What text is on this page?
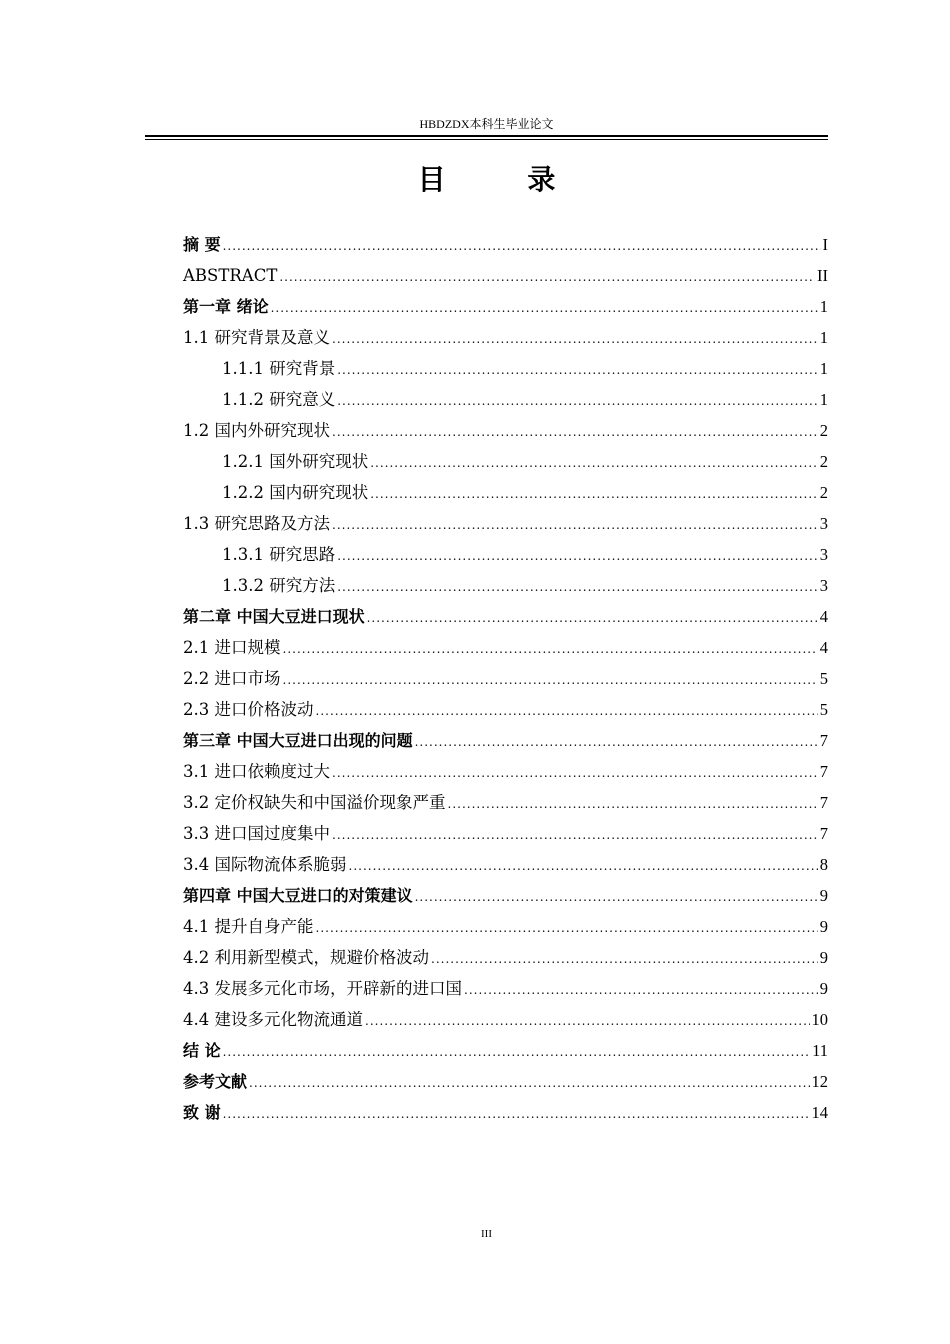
HBDZDX本科生毕业论文
目 录
摘 要 .....	I
ABSTRACT .....	II
第一章 绪论 .....	1
1.1 研究背景及意义 .....	1
1.1.1 研究背景 .....	1
1.1.2 研究意义 .....	1
1.2 国内外研究现状 .....	2
1.2.1 国外研究现状 .....	2
1.2.2 国内研究现状 .....	2
1.3 研究思路及方法 .....	3
1.3.1 研究思路 .....	3
1.3.2 研究方法 .....	3
第二章 中国大豆进口现状 .....	4
2.1 进口规模 .....	4
2.2 进口市场 .....	5
2.3 进口价格波动 .....	5
第三章 中国大豆进口出现的问题 .....	7
3.1 进口依赖度过大 .....	7
3.2 定价权缺失和中国溢价现象严重 .....	7
3.3 进口国过度集中 .....	7
3.4 国际物流体系脆弱 .....	8
第四章 中国大豆进口的对策建议 .....	9
4.1 提升自身产能 .....	9
4.2 利用新型模式，规避价格波动 .....	9
4.3 发展多元化市场，开辟新的进口国 .....	9
4.4 建设多元化物流通道 .....	10
结 论 .....	11
参考文献 .....	12
致 谢 .....	14
III
